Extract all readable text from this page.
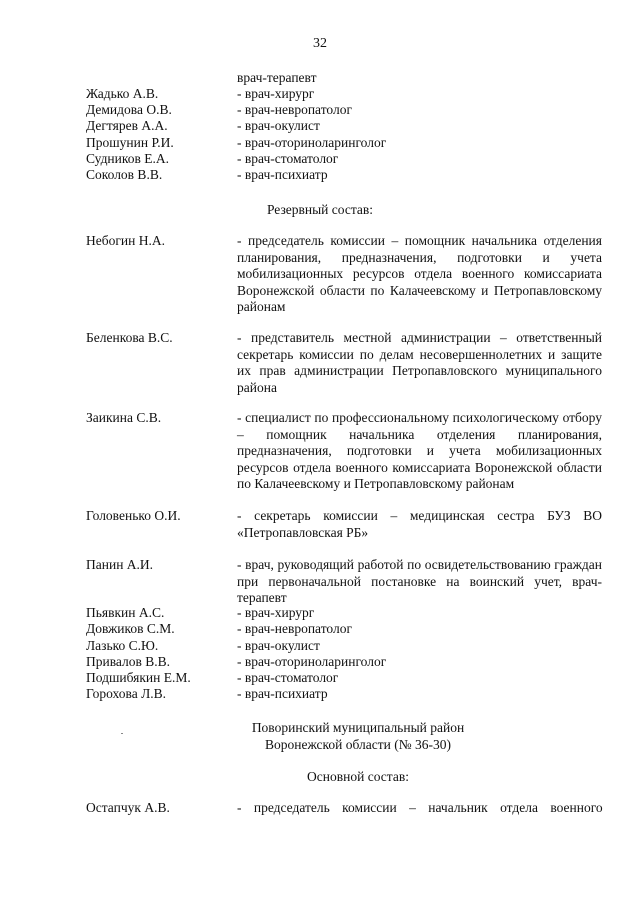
32
врач-терапевт
Жадько А.В.	- врач-хирург
Демидова О.В.	- врач-невропатолог
Дегтярев А.А.	- врач-окулист
Прошунин Р.И.	- врач-оториноларинголог
Судников Е.А.	- врач-стоматолог
Соколов В.В.	- врач-психиатр
Резервный состав:
Небогин Н.А.	- председатель комиссии – помощник начальника отделения планирования, предназначения, подготовки и учета мобилизационных ресурсов отдела военного комиссариата Воронежской области по Калачеевскому и Петропавловскому районам
Беленкова В.С.	- представитель местной администрации – ответственный секретарь комиссии по делам несовершеннолетних и защите их прав администрации Петропавловского муниципального района
Заикина С.В.	- специалист по профессиональному психологическому отбору – помощник начальника отделения планирования, предназначения, подготовки и учета мобилизационных ресурсов отдела военного комиссариата Воронежской области по Калачеевскому и Петропавловскому районам
Головенько О.И.	- секретарь комиссии – медицинская сестра БУЗ ВО «Петропавловская РБ»
Панин А.И.	- врач, руководящий работой по освидетельствованию граждан при первоначальной постановке на воинский учет, врач-терапевт
Пьявкин А.С.	- врач-хирург
Довжиков С.М.	- врач-невропатолог
Лазько С.Ю.	- врач-окулист
Привалов В.В.	- врач-оториноларинголог
Подшибякин Е.М.	- врач-стоматолог
Горохова Л.В.	- врач-психиатр
Поворинский муниципальный район
Воронежской области (№ 36-30)
Основной состав:
Остапчук А.В.	- председатель комиссии – начальник отдела военного
